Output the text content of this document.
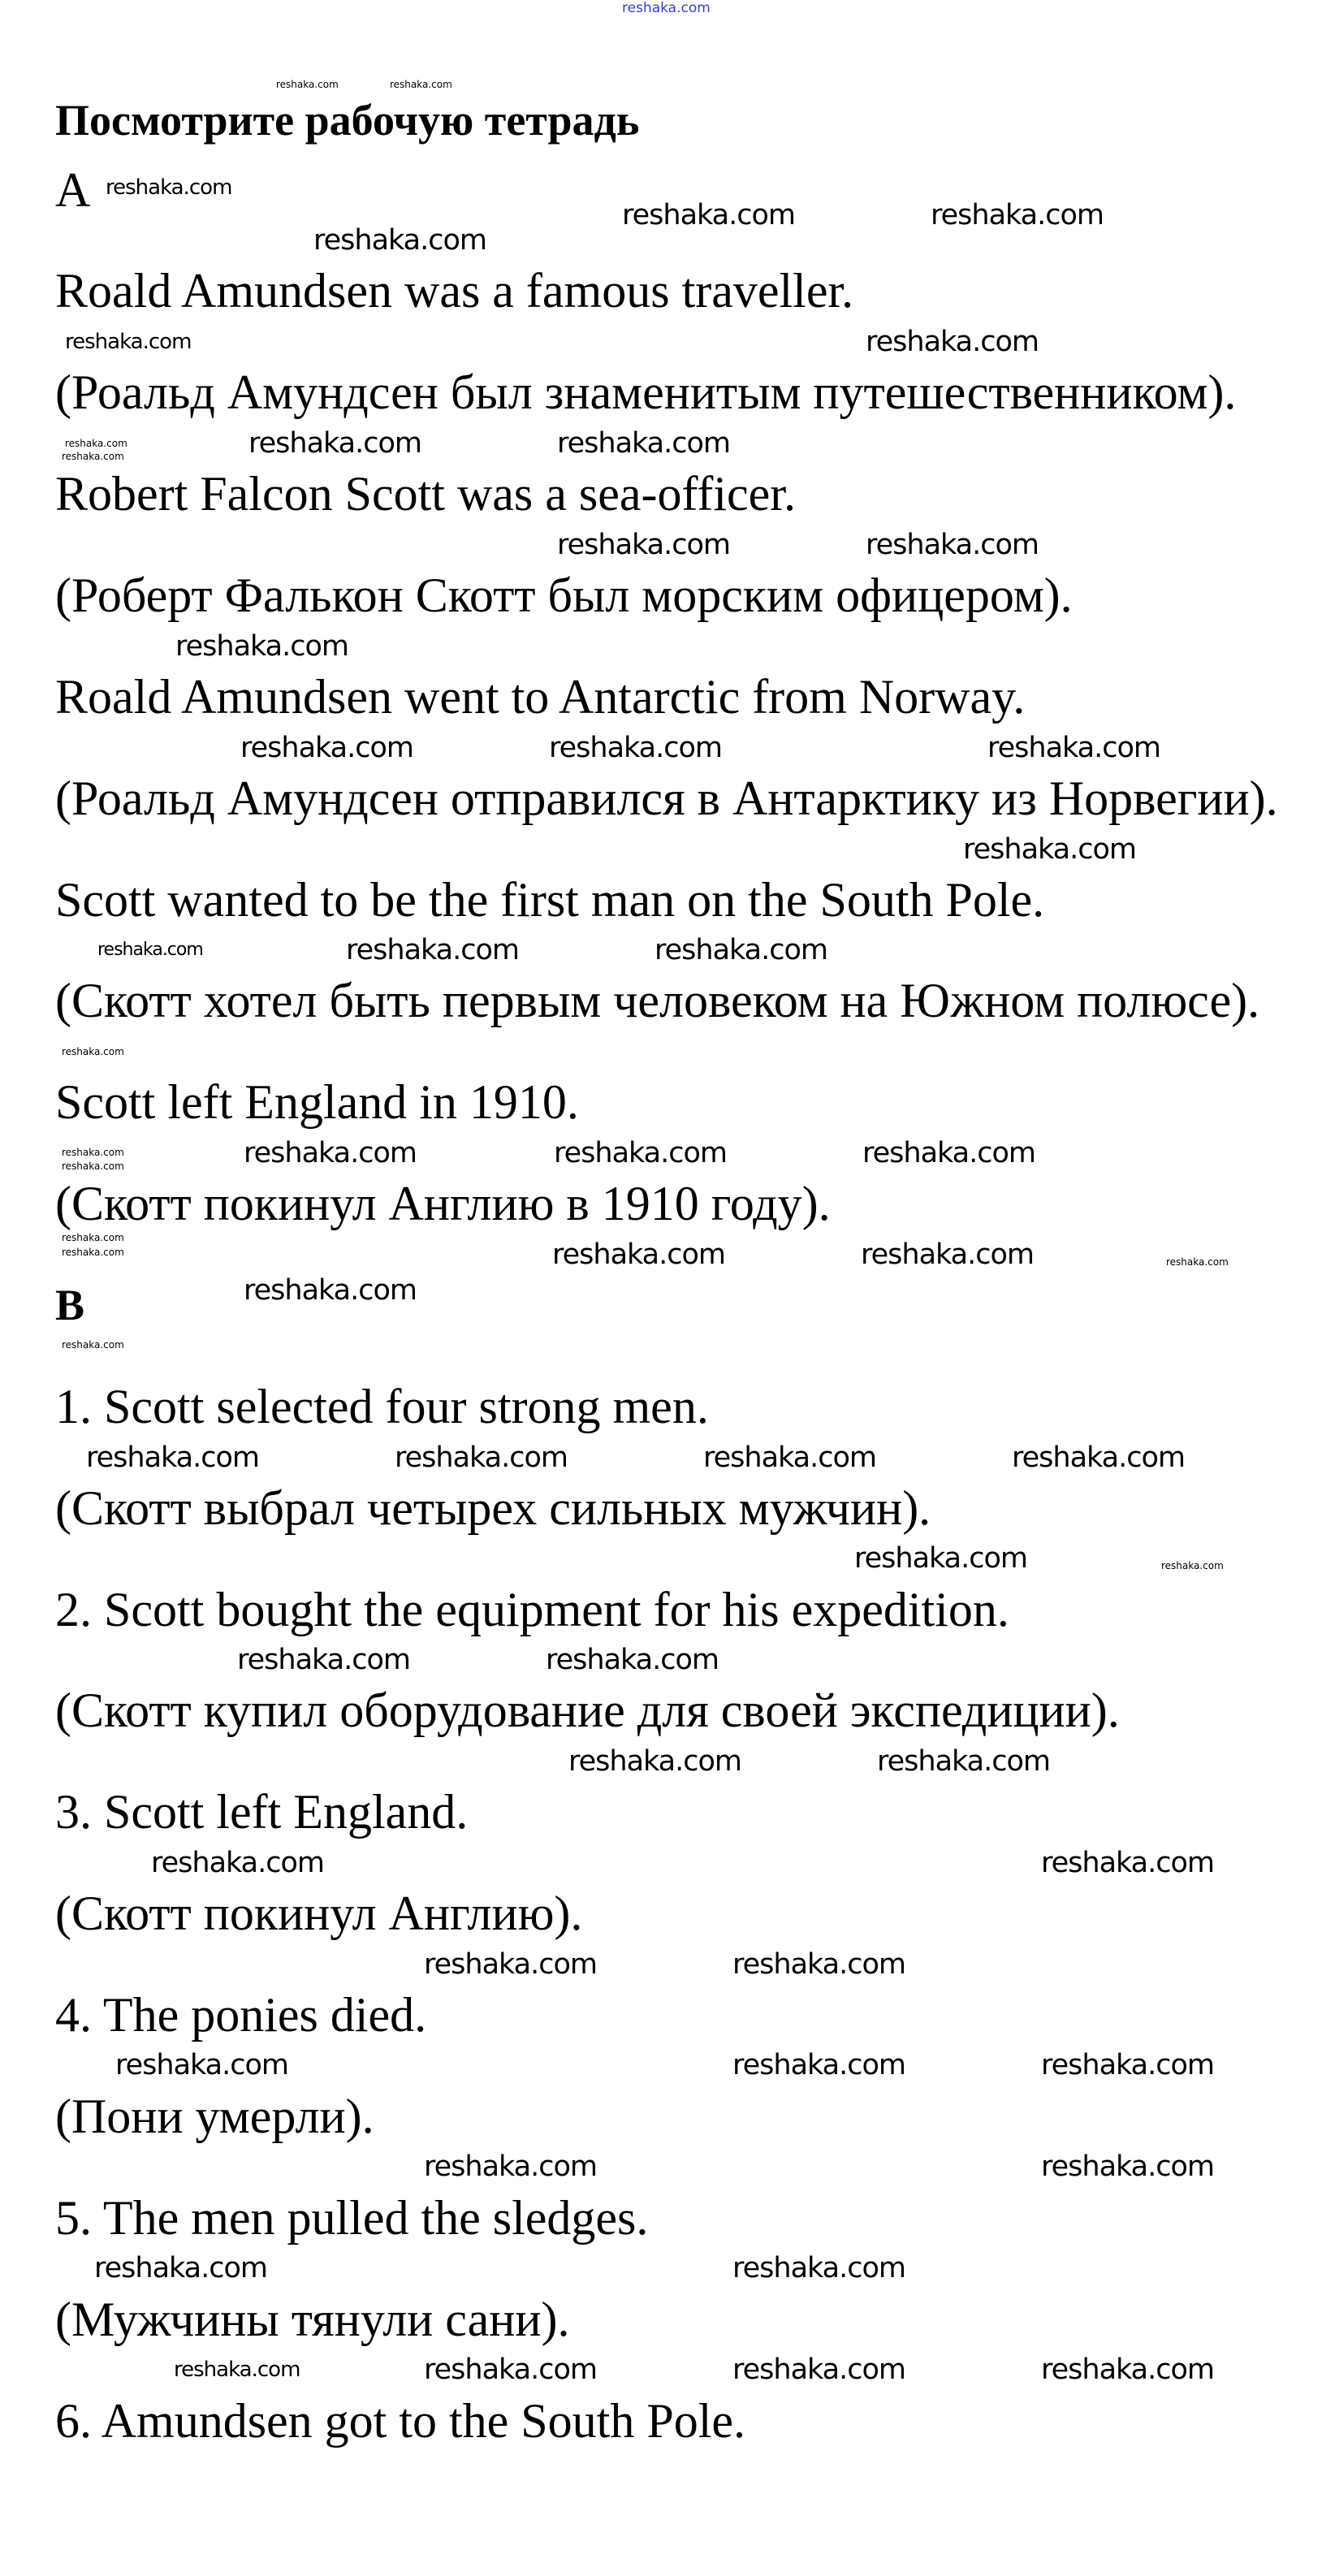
reshaka.com
Посмотрите рабочую тетрадь
A
Roald Amundsen was a famous traveller.
(Роальд Амундсен был знаменитым путешественником).
Robert Falcon Scott was a sea-officer.
(Роберт Фалькон Скотт был морским офицером).
Roald Amundsen went to Antarctic from Norway.
(Роальд Амундсен отправился в Антарктику из Норвегии).
Scott wanted to be the first man on the South Pole.
(Скотт хотел быть первым человеком на Южном полюсе).
Scott left England in 1910.
(Скотт покинул Англию в 1910 году).
B
1. Scott selected four strong men.
(Скотт выбрал четырех сильных мужчин).
2. Scott bought the equipment for his expedition.
(Скотт купил оборудование для своей экспедиции).
3. Scott left England.
(Скотт покинул Англию).
4. The ponies died.
(Пони умерли).
5. The men pulled the sledges.
(Мужчины тянули сани).
6. Amundsen got to the South Pole.
reshaka.com	reshaka.com
reshaka.com
reshaka.com
reshaka.com
reshaka.com
reshaka.com	reshaka.com
reshaka.com
reshaka.com
reshaka.com	reshaka.com
reshaka.com
reshaka.com	reshaka.com
reshaka.com	reshaka.com
reshaka.com
reshaka.com	reshaka.com
reshaka.com
reshaka.com	reshaka.com
reshaka.com
reshaka.com
reshaka.com
reshaka.com
reshaka.com
reshaka.com
reshaka.com
reshaka.com	reshaka.com
reshaka.com
reshaka.com
reshaka.com	reshaka.com
reshaka.com
reshaka.com	reshaka.com
reshaka.com
reshaka.com
reshaka.com	reshaka.com
reshaka.com
reshaka.com
reshaka.com
reshaka.com
reshaka.com
reshaka.com	reshaka.com
reshaka.com
reshaka.com
reshaka.com
reshaka.com
reshaka.com
reshaka.com
reshaka.com
reshaka.com
reshaka.com
reshaka.com
